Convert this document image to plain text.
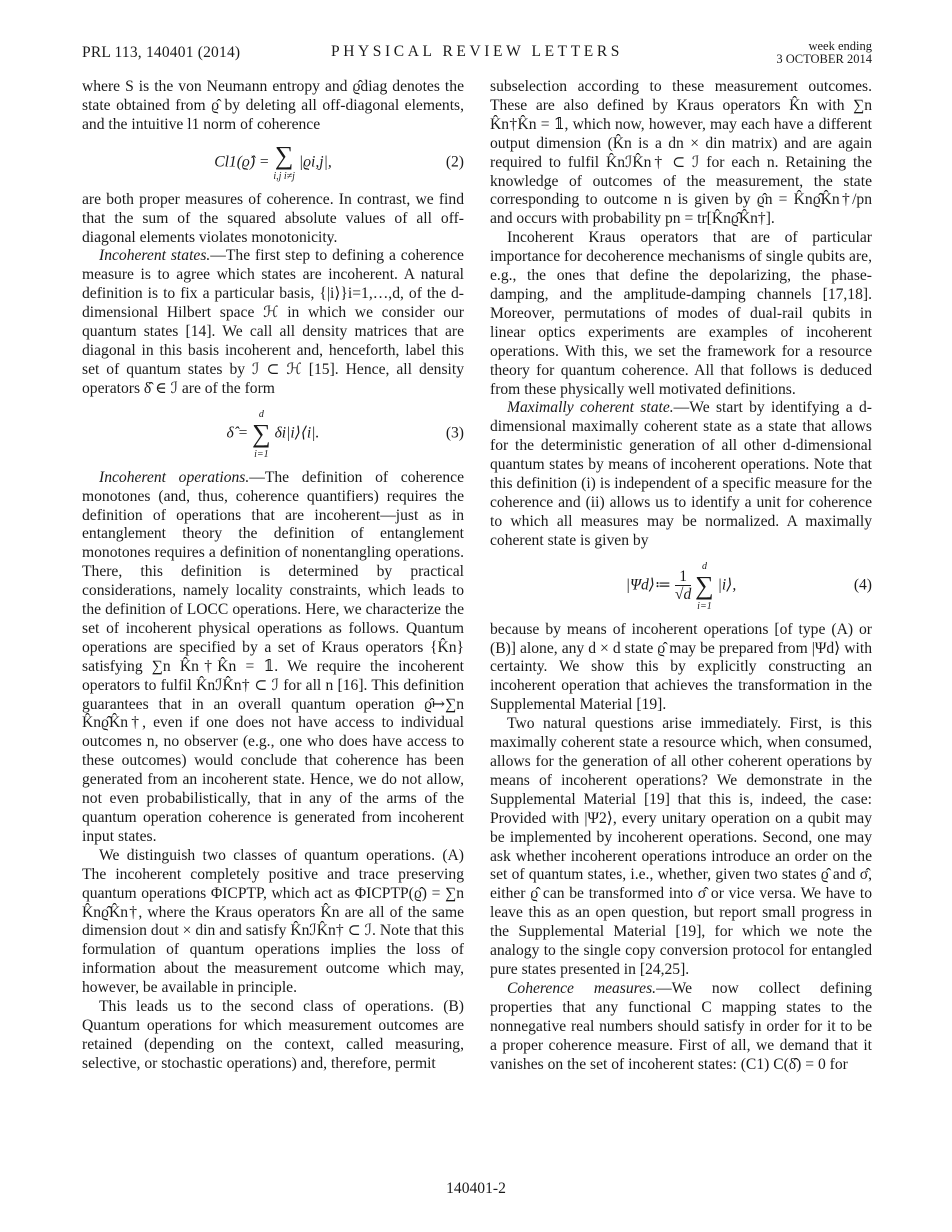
PRL 113, 140401 (2014)	PHYSICAL REVIEW LETTERS	week ending
3 OCTOBER 2014

where S is the von Neumann entropy and ϱ̂diag denotes the state obtained from ϱ̂ by deleting all off-diagonal elements, and the intuitive l1 norm of coherence

Cl1(ϱ̂) = ∑
i,j i≠j |ϱi,j|,	(2)

are both proper measures of coherence. In contrast, we find that the sum of the squared absolute values of all off-diagonal elements violates monotonicity.

Incoherent states.—The first step to defining a coherence measure is to agree which states are incoherent. A natural definition is to fix a particular basis, {|i⟩}i=1,…,d, of the d-dimensional Hilbert space ℋ in which we consider our quantum states [14]. We call all density matrices that are diagonal in this basis incoherent and, henceforth, label this set of quantum states by ℐ ⊂ ℋ [15]. Hence, all density operators δ̂ ∈ ℐ are of the form

δ̂ = d
∑
i=1 δi|i⟩⟨i|.	(3)

Incoherent operations.—The definition of coherence monotones (and, thus, coherence quantifiers) requires the definition of operations that are incoherent—just as in entanglement theory the definition of entanglement monotones requires a definition of nonentangling operations. There, this definition is determined by practical considerations, namely locality constraints, which leads to the definition of LOCC operations. Here, we characterize the set of incoherent physical operations as follows. Quantum operations are specified by a set of Kraus operators {K̂n} satisfying ∑n K̂n†K̂n = 𝟙. We require the incoherent operators to fulfil K̂nℐK̂n† ⊂ ℐ for all n [16]. This definition guarantees that in an overall quantum operation ϱ̂↦∑n K̂nϱ̂K̂n†, even if one does not have access to individual outcomes n, no observer (e.g., one who does have access to these outcomes) would conclude that coherence has been generated from an incoherent state. Hence, we do not allow, not even probabilistically, that in any of the arms of the quantum operation coherence is generated from incoherent input states.

We distinguish two classes of quantum operations. (A) The incoherent completely positive and trace preserving quantum operations ΦICPTP, which act as ΦICPTP(ϱ̂) = ∑n K̂nϱ̂K̂n†, where the Kraus operators K̂n are all of the same dimension dout × din and satisfy K̂nℐK̂n† ⊂ ℐ. Note that this formulation of quantum operations implies the loss of information about the measurement outcome which may, however, be available in principle.

This leads us to the second class of operations. (B) Quantum operations for which measurement outcomes are retained (depending on the context, called measuring, selective, or stochastic operations) and, therefore, permit

subselection according to these measurement outcomes. These are also defined by Kraus operators K̂n with ∑n K̂n†K̂n = 𝟙, which now, however, may each have a different output dimension (K̂n is a dn × din matrix) and are again required to fulfil K̂nℐK̂n† ⊂ ℐ for each n. Retaining the knowledge of outcomes of the measurement, the state corresponding to outcome n is given by ϱ̂n = K̂nϱ̂K̂n†/pn and occurs with probability pn = tr[K̂nϱ̂K̂n†].

Incoherent Kraus operators that are of particular importance for decoherence mechanisms of single qubits are, e.g., the ones that define the depolarizing, the phase-damping, and the amplitude-damping channels [17,18]. Moreover, permutations of modes of dual-rail qubits in linear optics experiments are examples of incoherent operations. With this, we set the framework for a resource theory for quantum coherence. All that follows is deduced from these physically well motivated definitions.

Maximally coherent state.—We start by identifying a d-dimensional maximally coherent state as a state that allows for the deterministic generation of all other d-dimensional quantum states by means of incoherent operations. Note that this definition (i) is independent of a specific measure for the coherence and (ii) allows us to identify a unit for coherence to which all measures may be normalized. A maximally coherent state is given by

|Ψd⟩≔ $\frac{1}{√d}$
d
∑
i=1 |i⟩,	(4)

because by means of incoherent operations [of type (A) or (B)] alone, any d × d state ϱ̂ may be prepared from |Ψd⟩ with certainty. We show this by explicitly constructing an incoherent operation that achieves the transformation in the Supplemental Material [19].

Two natural questions arise immediately. First, is this maximally coherent state a resource which, when consumed, allows for the generation of all other coherent operations by means of incoherent operations? We demonstrate in the Supplemental Material [19] that this is, indeed, the case: Provided with |Ψ2⟩, every unitary operation on a qubit may be implemented by incoherent operations. Second, one may ask whether incoherent operations introduce an order on the set of quantum states, i.e., whether, given two states ϱ̂ and σ̂, either ϱ̂ can be transformed into σ̂ or vice versa. We have to leave this as an open question, but report small progress in the Supplemental Material [19], for which we note the analogy to the single copy conversion protocol for entangled pure states presented in [24,25].

Coherence measures.—We now collect defining properties that any functional C mapping states to the nonnegative real numbers should satisfy in order for it to be a proper coherence measure. First of all, we demand that it vanishes on the set of incoherent states: (C1) C(δ̂) = 0 for

140401-2
